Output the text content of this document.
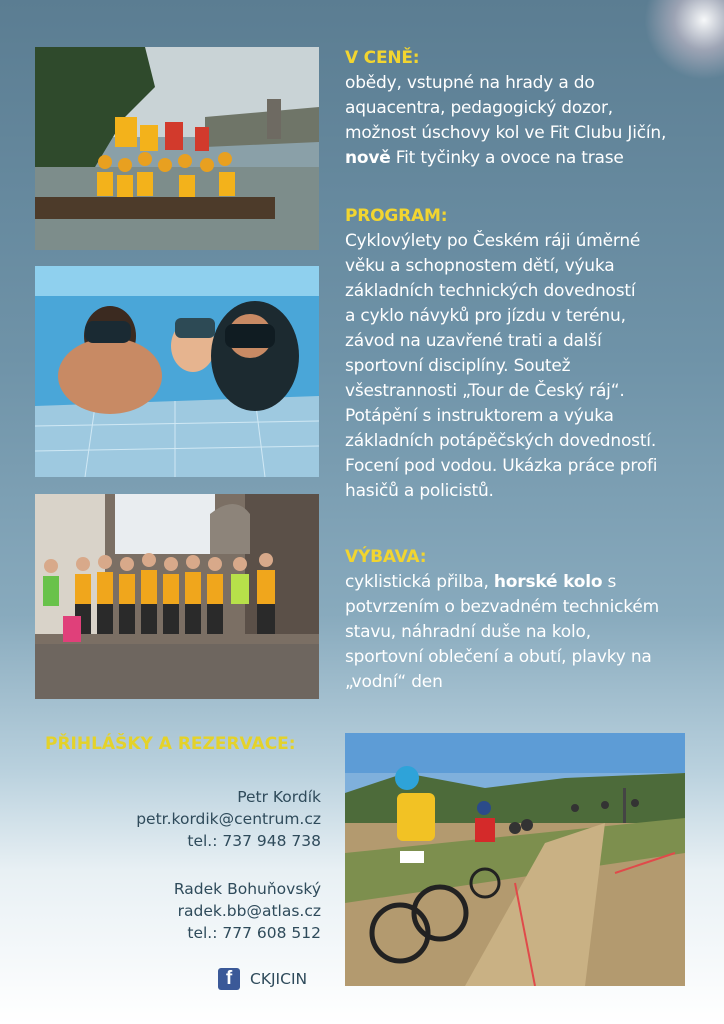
V CENĚ:

obědy, vstupné na hrady a do

aquacentra, pedagogický dozor,

možnost úschovy kol ve Fit Clubu Jičín,

nově Fit tyčinky a ovoce na trase

PROGRAM:

Cyklovýlety po Českém ráji úměrné

věku a schopnostem dětí, výuka

základních technických dovedností

a cyklo návyků pro jízdu v terénu,

závod na uzavřené trati a další

sportovní disciplíny. Soutež

všestrannosti „Tour de Český ráj“.

Potápění s instruktorem a výuka

základních potápěčských dovedností.

Focení pod vodou. Ukázka práce profi

hasičů a policistů.

VÝBAVA:

cyklistická přilba, horské kolo s

potvrzením o bezvadném technickém

stavu, náhradní duše na kolo,

sportovní oblečení a obutí, plavky na

„vodní“ den

PŘIHLÁŠKY A REZERVACE:
Petr Kordík
petr.kordik@centrum.cz
tel.: 737 948 738
Radek Bohuňovský
radek.bb@atlas.cz
tel.: 777 608 512
f	CKJICIN
